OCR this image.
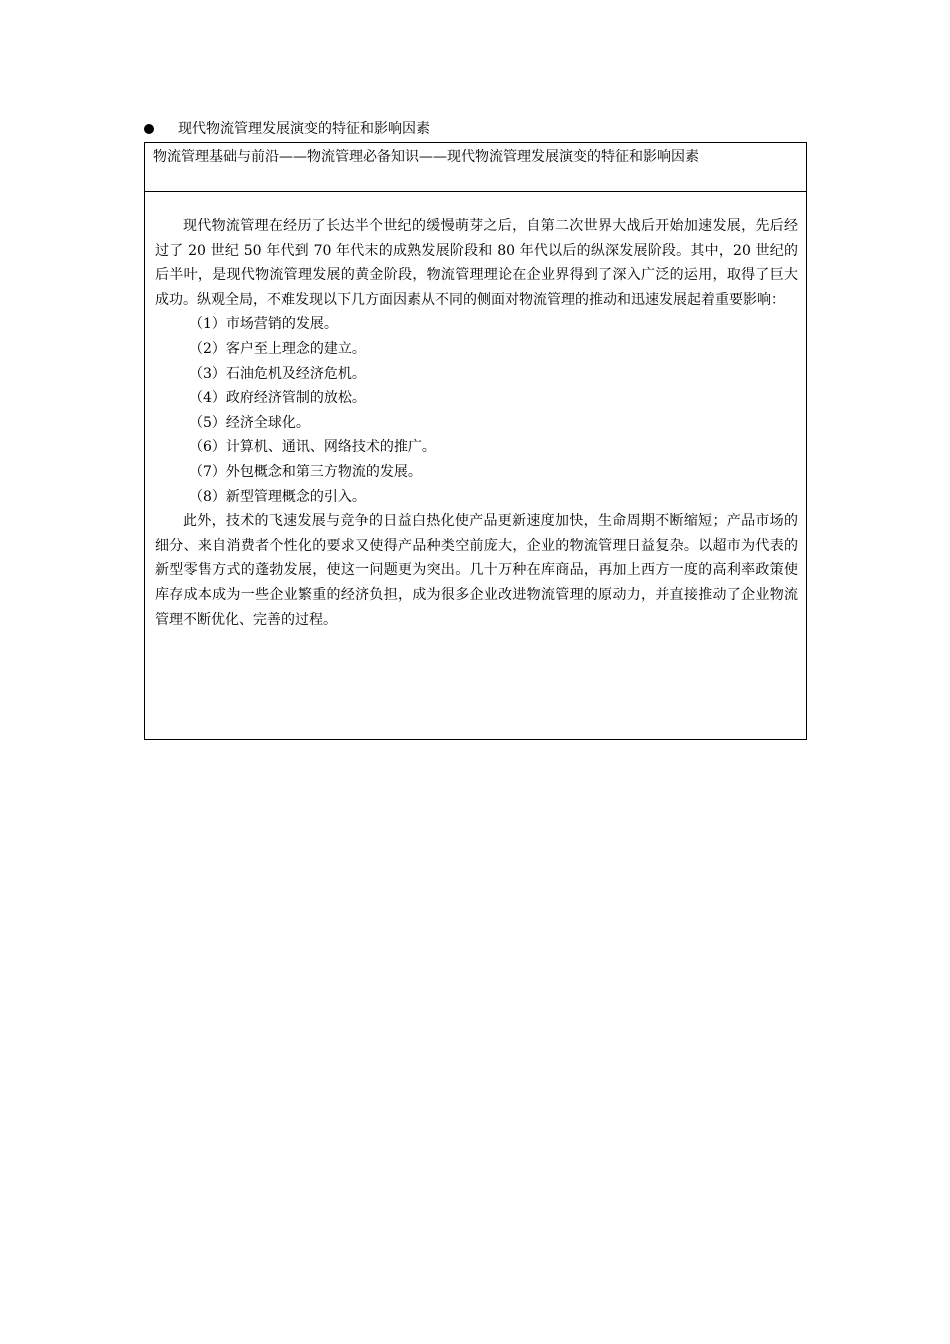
现代物流管理发展演变的特征和影响因素
物流管理基础与前沿——物流管理必备知识——现代物流管理发展演变的特征和影响因素

现代物流管理在经历了长达半个世纪的缓慢萌芽之后，自第二次世界大战后开始加速发展，先后经过了 20 世纪 50 年代到 70 年代末的成熟发展阶段和 80 年代以后的纵深发展阶段。其中，20 世纪的后半叶，是现代物流管理发展的黄金阶段，物流管理理论在企业界得到了深入广泛的运用，取得了巨大成功。纵观全局，不难发现以下几方面因素从不同的侧面对物流管理的推动和迅速发展起着重要影响：

（1）市场营销的发展。
（2）客户至上理念的建立。
（3）石油危机及经济危机。
（4）政府经济管制的放松。
（5）经济全球化。
（6）计算机、通讯、网络技术的推广。
（7）外包概念和第三方物流的发展。
（8）新型管理概念的引入。

此外，技术的飞速发展与竞争的日益白热化使产品更新速度加快，生命周期不断缩短；产品市场的细分、来自消费者个性化的要求又使得产品种类空前庞大，企业的物流管理日益复杂。以超市为代表的新型零售方式的蓬勃发展，使这一问题更为突出。几十万种在库商品，再加上西方一度的高利率政策使库存成本成为一些企业繁重的经济负担，成为很多企业改进物流管理的原动力，并直接推动了企业物流管理不断优化、完善的过程。
